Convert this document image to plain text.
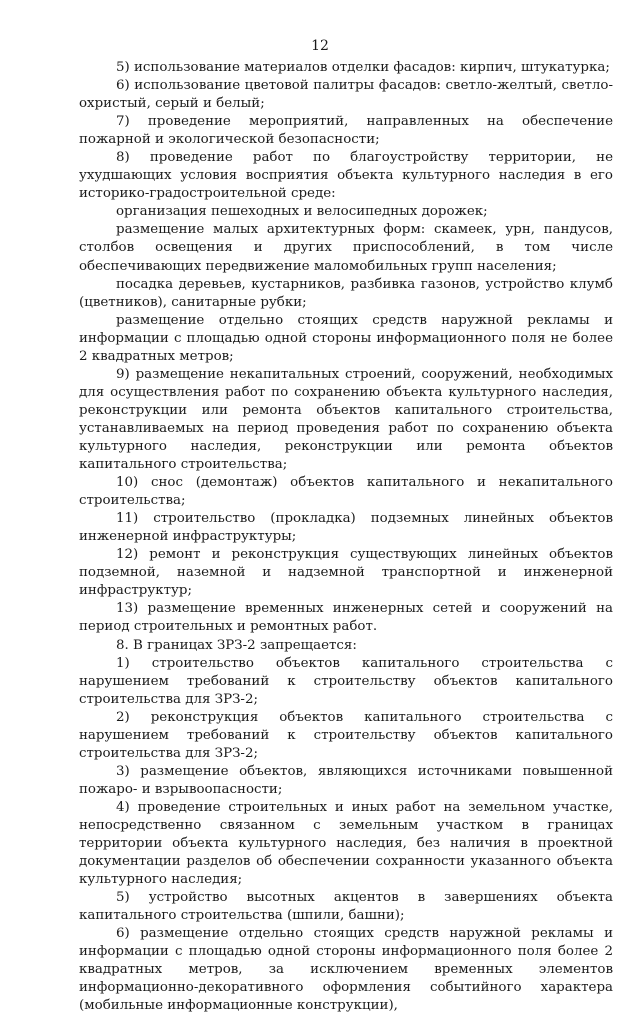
12

5) использование материалов отделки фасадов: кирпич, штукатурка;

6) использование цветовой палитры фасадов: светло-желтый, светло-охристый, серый и белый;

7) проведение мероприятий, направленных на обеспечение пожарной и экологической безопасности;

8) проведение работ по благоустройству территории, не ухудшающих условия восприятия объекта культурного наследия в его историко-градостроительной среде:

организация пешеходных и велосипедных дорожек;

размещение малых архитектурных форм: скамеек, урн, пандусов, столбов освещения и других приспособлений, в том числе обеспечивающих передвижение маломобильных групп населения;

посадка деревьев, кустарников, разбивка газонов, устройство клумб (цветников), санитарные рубки;

размещение отдельно стоящих средств наружной рекламы и информации с площадью одной стороны информационного поля не более 2 квадратных метров;

9) размещение некапитальных строений, сооружений, необходимых для осуществления работ по сохранению объекта культурного наследия, реконструкции или ремонта объектов капитального строительства, устанавливаемых на период проведения работ по сохранению объекта культурного наследия, реконструкции или ремонта объектов капитального строительства;

10) снос (демонтаж) объектов капитального и некапитального строительства;

11) строительство (прокладка) подземных линейных объектов инженерной инфраструктуры;

12) ремонт и реконструкция существующих линейных объектов подземной, наземной и надземной транспортной и инженерной инфраструктур;

13) размещение временных инженерных сетей и сооружений на период строительных и ремонтных работ.

8. В границах ЗРЗ-2 запрещается:

1) строительство объектов капитального строительства с нарушением требований к строительству объектов капитального строительства для ЗРЗ-2;

2) реконструкция объектов капитального строительства с нарушением требований к строительству объектов капитального строительства для ЗРЗ-2;

3) размещение объектов, являющихся источниками повышенной пожаро- и взрывоопасности;

4) проведение строительных и иных работ на земельном участке, непосредственно связанном с земельным участком в границах территории объекта культурного наследия, без наличия в проектной документации разделов об обеспечении сохранности указанного объекта культурного наследия;

5) устройство высотных акцентов в завершениях объекта капитального строительства (шпили, башни);

6) размещение отдельно стоящих средств наружной рекламы и информации с площадью одной стороны информационного поля более 2 квадратных метров, за исключением временных элементов информационно-декоративного оформления событийного характера (мобильные информационные конструкции),
